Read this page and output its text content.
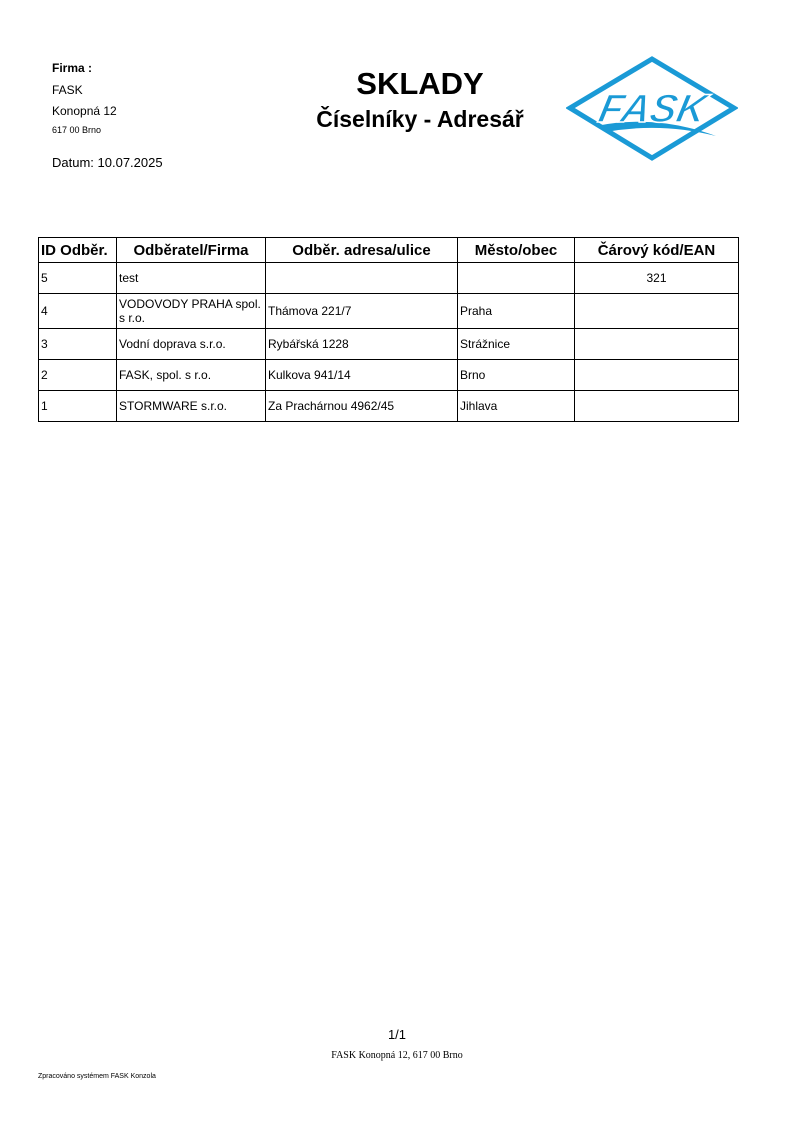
Firma :
FASK
Konopná 12
617 00 Brno
Datum: 10.07.2025
SKLADY
Číselníky - Adresář	FASK
ID Odběr.	Odběratel/Firma	Odběr. adresa/ulice	Město/obec	Čárový kód/EAN
5	test			321
4	VODOVODY PRAHA spol. s r.o.	Thámova 221/7	Praha	
3	Vodní doprava s.r.o.	Rybářská 1228	Strážnice	
2	FASK, spol. s r.o.	Kulkova 941/14	Brno	
1	STORMWARE s.r.o.	Za Prachárnou 4962/45	Jihlava	
1/1
FASK Konopná 12, 617 00 Brno
Zpracováno systémem FASK Konzola
